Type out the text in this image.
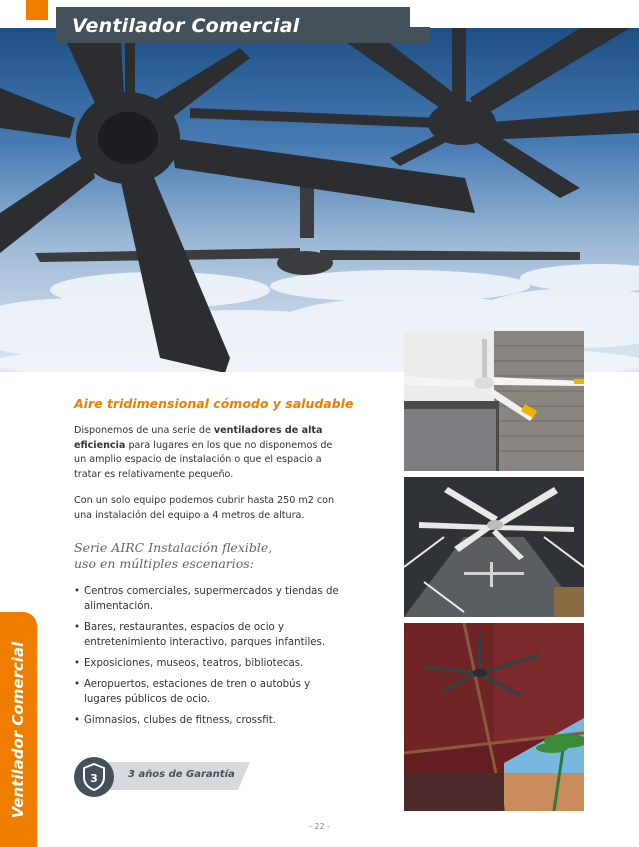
Ventilador Comercial
Aire tridimensional cómodo y saludable
Disponemos de una serie de ventiladores de alta eficiencia para lugares en los que no disponemos de un amplio espacio de instalación o que el espacio a tratar es relativamente pequeño.
Con un solo equipo podemos cubrir hasta 250 m2 con una instalación del equipo a 4 metros de altura.
Serie AIRC Instalación flexible,
uso en múltiples escenarios:
• Centros comerciales, supermercados y tiendas de alimentación.
• Bares, restaurantes, espacios de ocio y entretenimiento interactivo, parques infantiles.
• Exposiciones, museos, teatros, bibliotecas.
• Aeropuertos, estaciones de tren o autobús y lugares públicos de ocio.
• Gimnasios, clubes de fitness, crossfit.
3	3 años de Garantía
Ventilador Comercial
- 22 -
